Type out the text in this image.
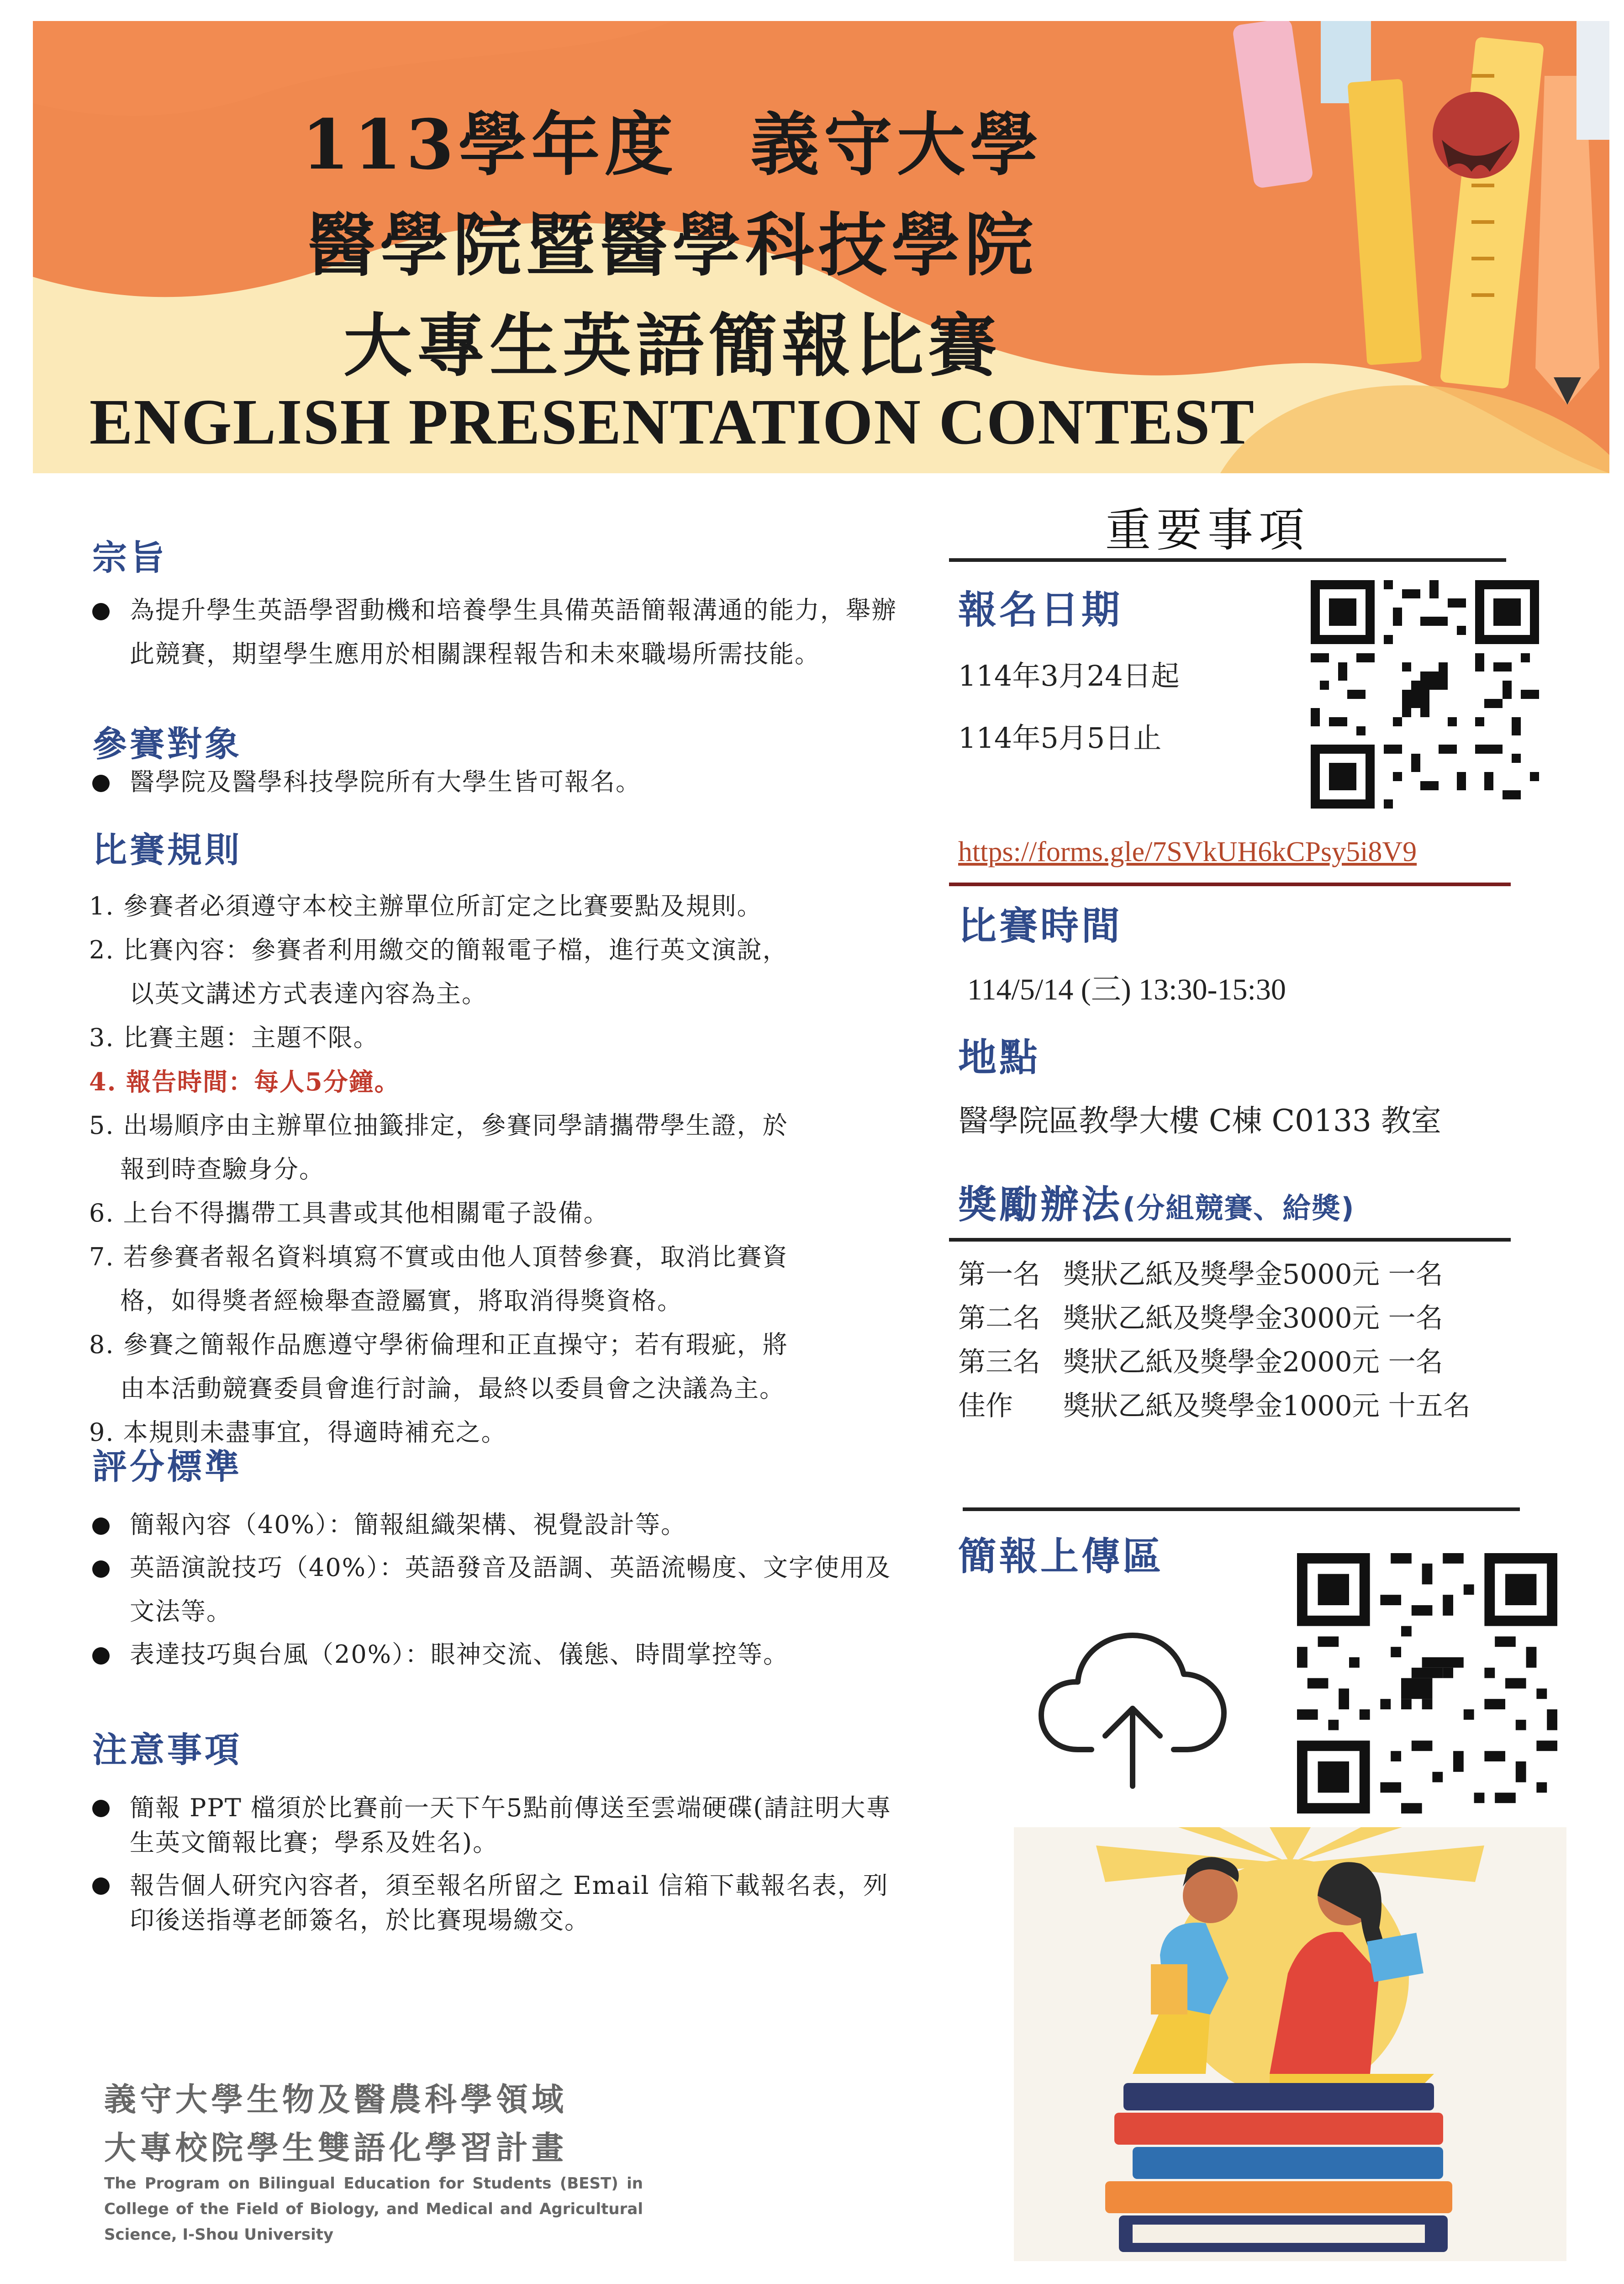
113學年度　義守大學
醫學院暨醫學科技學院
大專生英語簡報比賽
ENGLISH PRESENTATION CONTEST
宗旨
為提升學生英語學習動機和培養學生具備英語簡報溝通的能力，舉辦此競賽，期望學生應用於相關課程報告和未來職場所需技能。
參賽對象
醫學院及醫學科技學院所有大學生皆可報名。
比賽規則
1. 參賽者必須遵守本校主辦單位所訂定之比賽要點及規則。
2. 比賽內容：參賽者利用繳交的簡報電子檔，進行英文演說，
以英文講述方式表達內容為主。
3. 比賽主題：主題不限。
4. 報告時間：每人5分鐘。
5. 出場順序由主辦單位抽籤排定，參賽同學請攜帶學生證，於
報到時查驗身分。
6. 上台不得攜帶工具書或其他相關電子設備。
7. 若參賽者報名資料填寫不實或由他人頂替參賽，取消比賽資
格，如得獎者經檢舉查證屬實，將取消得獎資格。
8. 參賽之簡報作品應遵守學術倫理和正直操守；若有瑕疵，將
由本活動競賽委員會進行討論，最終以委員會之決議為主。
9. 本規則未盡事宜，得適時補充之。
評分標準
簡報內容（40%）：簡報組織架構、視覺設計等。
英語演說技巧（40%）：英語發音及語調、英語流暢度、文字使用及文法等。
表達技巧與台風（20%）：眼神交流、儀態、時間掌控等。
注意事項
簡報 PPT 檔須於比賽前一天下午5點前傳送至雲端硬碟(請註明大專生英文簡報比賽；學系及姓名)。
報告個人研究內容者，須至報名所留之 Email 信箱下載報名表，列印後送指導老師簽名，於比賽現場繳交。
義守大學生物及醫農科學領域
大專校院學生雙語化學習計畫
The Program on Bilingual Education for Students (BEST) in College of the Field of Biology, and Medical and Agricultural Science, I-Shou University
重要事項
報名日期
114年3月24日起
114年5月5日止
https://forms.gle/7SVkUH6kCPsy5i8V9
比賽時間
114/5/14 (三) 13:30-15:30
地點
醫學院區教學大樓 C棟 C0133 教室
獎勵辦法(分組競賽、給獎)
第一名 獎狀乙紙及獎學金5000元 一名
第二名 獎狀乙紙及獎學金3000元 一名
第三名 獎狀乙紙及獎學金2000元 一名
佳作 獎狀乙紙及獎學金1000元 十五名
簡報上傳區
